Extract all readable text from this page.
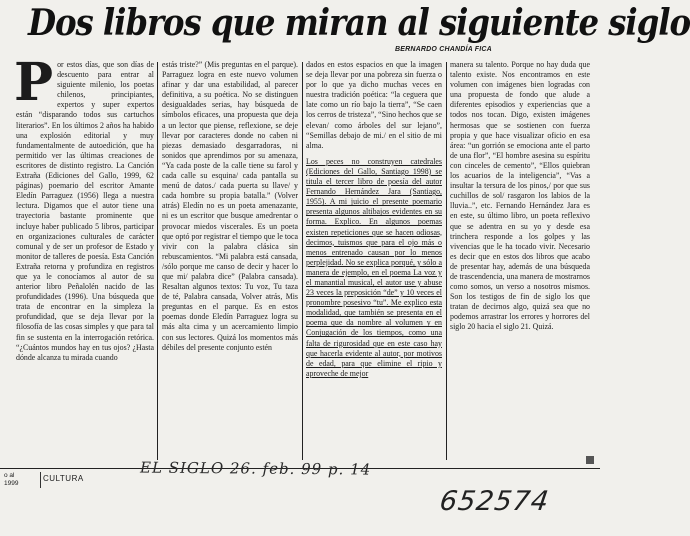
Dos libros que miran al siguiente siglo
BERNARDO CHANDÍA FICA
P or estos días, que son días de descuento para entrar al siguiente milenio, los poetas chilenos, principiantes, expertos y super expertos están “disparando todos sus cartuchos literarios”. En los últimos 2 años ha habido una explosión editorial y muy fundamentalmente de autoedición, que ha permitido ver las últimas creaciones de escritores de distinto registro. La Canción Extraña (Ediciones del Gallo, 1999, 62 páginas) poemario del escritor Amante Eledín Parraguez (1956) llega a nuestra lectura. Digamos que el autor tiene una trayectoria bastante prominente que incluye haber publicado 5 libros, participar en organizaciones culturales de carácter comunal y de ser un profesor de Estado y monitor de talleres de poesía. Esta Canción Extraña retorna y profundiza en registros que ya le conocíamos al autor de su anterior libro Peñalolén nacido de las profundidades (1996). Una búsqueda que trata de encontrar en la simpleza la profundidad, que se deja llevar por la filosofía de las cosas simples y que para tal fin se sustenta en la interrogación retórica. “¿Cuántos mundos hay en tus ojos? ¿Hasta dónde alcanza tu mirada cuando

estás triste?” (Mis preguntas en el parque). Parraguez logra en este nuevo volumen afinar y dar una estabilidad, al parecer definitiva, a su poética. No se distinguen desigualdades serias, hay búsqueda de símbolos eficaces, una propuesta que deja a un lector que piense, reflexione, se deje llevar por caracteres donde no caben ni piezas demasiado desgarradoras, ni sonidos que aprendimos por su amenaza, “Ya cada poste de la calle tiene su farol y cada calle su esquina/ cada pantalla su menú de datos./ cada puerta su llave/ y cada hombre su propia batalla.” (Volver atrás) Eledín no es un poeta amenazante, ni es un escritor que busque amedrentar o provocar miedos viscerales. Es un poeta que optó por registrar el tiempo que le toca vivir con la palabra clásica sin rebuscamientos. “Mi palabra está cansada, /sólo porque me canso de decir y hacer lo que mi/ palabra dice” (Palabra cansada). Resaltan algunos textos: Tu voz, Tu taza de té, Palabra cansada, Volver atrás, Mis preguntas en el parque. Es en estos poemas donde Eledín Parraguez logra su más alta cima y un acercamiento limpio con sus lectores. Quizá los momentos más débiles del presente conjunto estén

dados en estos espacios en que la imagen se deja llevar por una pobreza sin fuerza o por lo que ya dicho muchas veces en nuestra tradición poética: “la ceguera que late como un río bajo la tierra”, “Se caen los cerros de tristeza”, “Sino hechos que se elevan/ como árboles del sur lejano”, “Semillas debajo de mi./ en el sitio de mi alma.

Los peces no construyen catedrales (Ediciones del Gallo, Santiago 1998) se titula el tercer libro de poesía del autor Fernando Hernández Jara (Santiago, 1955). A mi juicio el presente poemario presenta algunos altibajos evidentes en su forma. Explico. En algunos poemas existen repeticiones que se hacen odiosas, decimos, tuismos que para el ojo más o menos entrenado causan por lo menos perplejidad. No se explica porqué, y sólo a manera de ejemplo, en el poema La voz y el manantial musical, el autor use y abuse 23 veces la preposición “de” y 10 veces el pronombre posesivo “tu”. Me explico esta modalidad, que también se presenta en el poema que da nombre al volumen y en Conjugación de los tiempos, como una falta de rigurosidad que en este caso hay que hacerla evidente al autor, por motivos de edad, para que elimine el ripio y aproveche de mejor

manera su talento. Porque no hay duda que talento existe. Nos encontramos en este volumen con imágenes bien logradas con una propuesta de fondo que alude a diferentes episodios y experiencias que a todos nos tocan. Digo, existen imágenes hermosas que se sostienen con fuerza propia y que hace visualizar oficio en esa área: “un gorrión se emociona ante el parto de una flor”, “El hombre asesina su espíritu con cinceles de cemento”, “Ellos quiebran los acuarios de la inteligencia”, “Vas a insultar la tersura de los pinos,/ por que sus cuchillos de sol/ rasgaron los labios de la lluvia..”, etc. Fernando Hernández Jara es en este, su último libro, un poeta reflexivo que se adentra en su yo y desde esa trinchera responde a los golpes y las vivencias que le ha tocado vivir. Necesario es decir que en estos dos libros que acabo de presentar hay, además de una búsqueda de trascendencia, una manera de mostrarnos como somos, un verso a nosotros mismos. Son los testigos de fin de siglo los que tratan de decirnos algo, quizá sea que no podemos arrastrar los errores y horrores del siglo 20 hacia el siglo 21. Quizá.

o al
1999
CULTURA	EL SIGLO 26. feb. 99 p. 14
652574
